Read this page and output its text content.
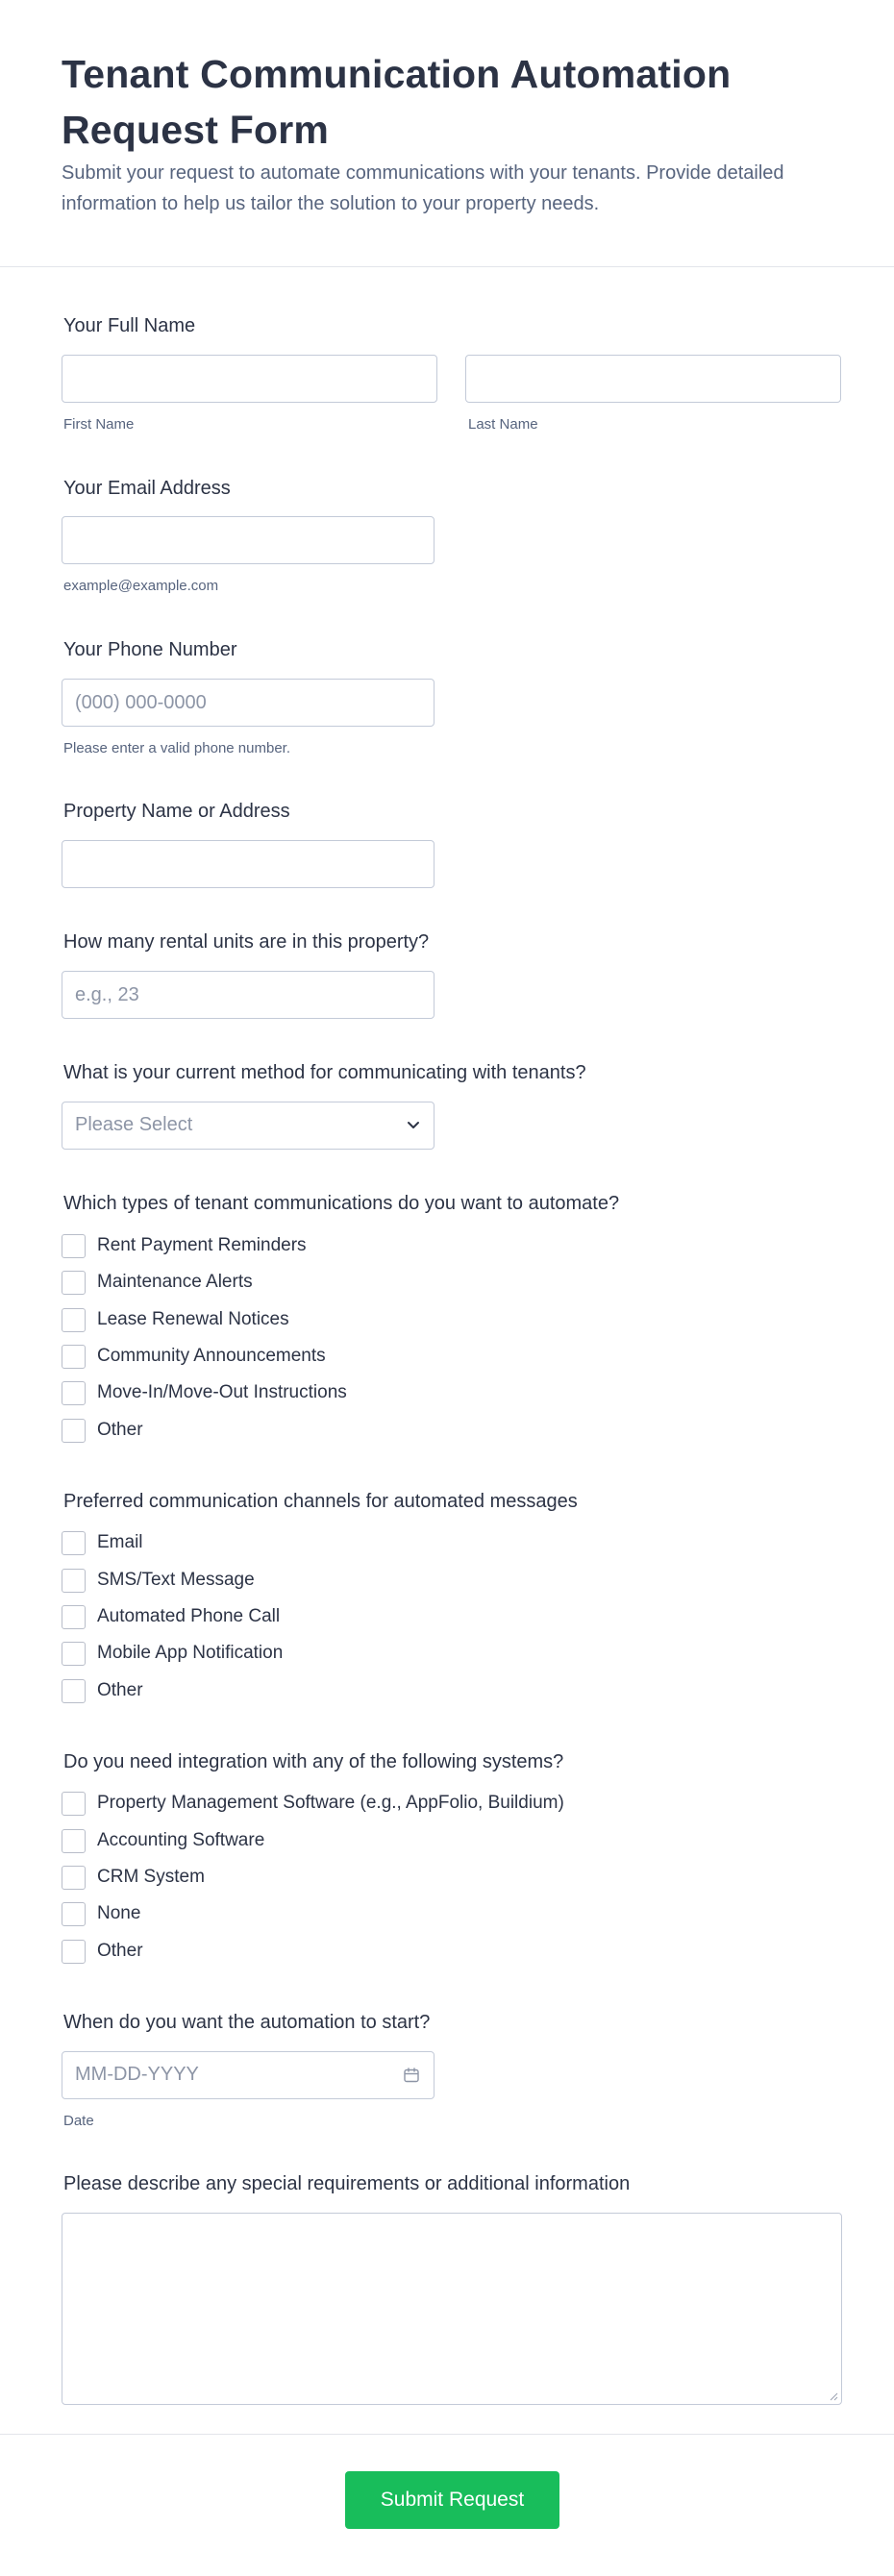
Tenant Communication Automation Request Form
Submit your request to automate communications with your tenants. Provide detailed information to help us tailor the solution to your property needs.
Your Full Name
First Name	Last Name
Your Email Address
example@example.com
Your Phone Number
(000) 000-0000
Please enter a valid phone number.
Property Name or Address
How many rental units are in this property?
e.g., 23
What is your current method for communicating with tenants?
Please Select
Which types of tenant communications do you want to automate?
Rent Payment Reminders
Maintenance Alerts
Lease Renewal Notices
Community Announcements
Move-In/Move-Out Instructions
Other
Preferred communication channels for automated messages
Email
SMS/Text Message
Automated Phone Call
Mobile App Notification
Other
Do you need integration with any of the following systems?
Property Management Software (e.g., AppFolio, Buildium)
Accounting Software
CRM System
None
Other
When do you want the automation to start?
MM-DD-YYYY
Date
Please describe any special requirements or additional information
Submit Request
